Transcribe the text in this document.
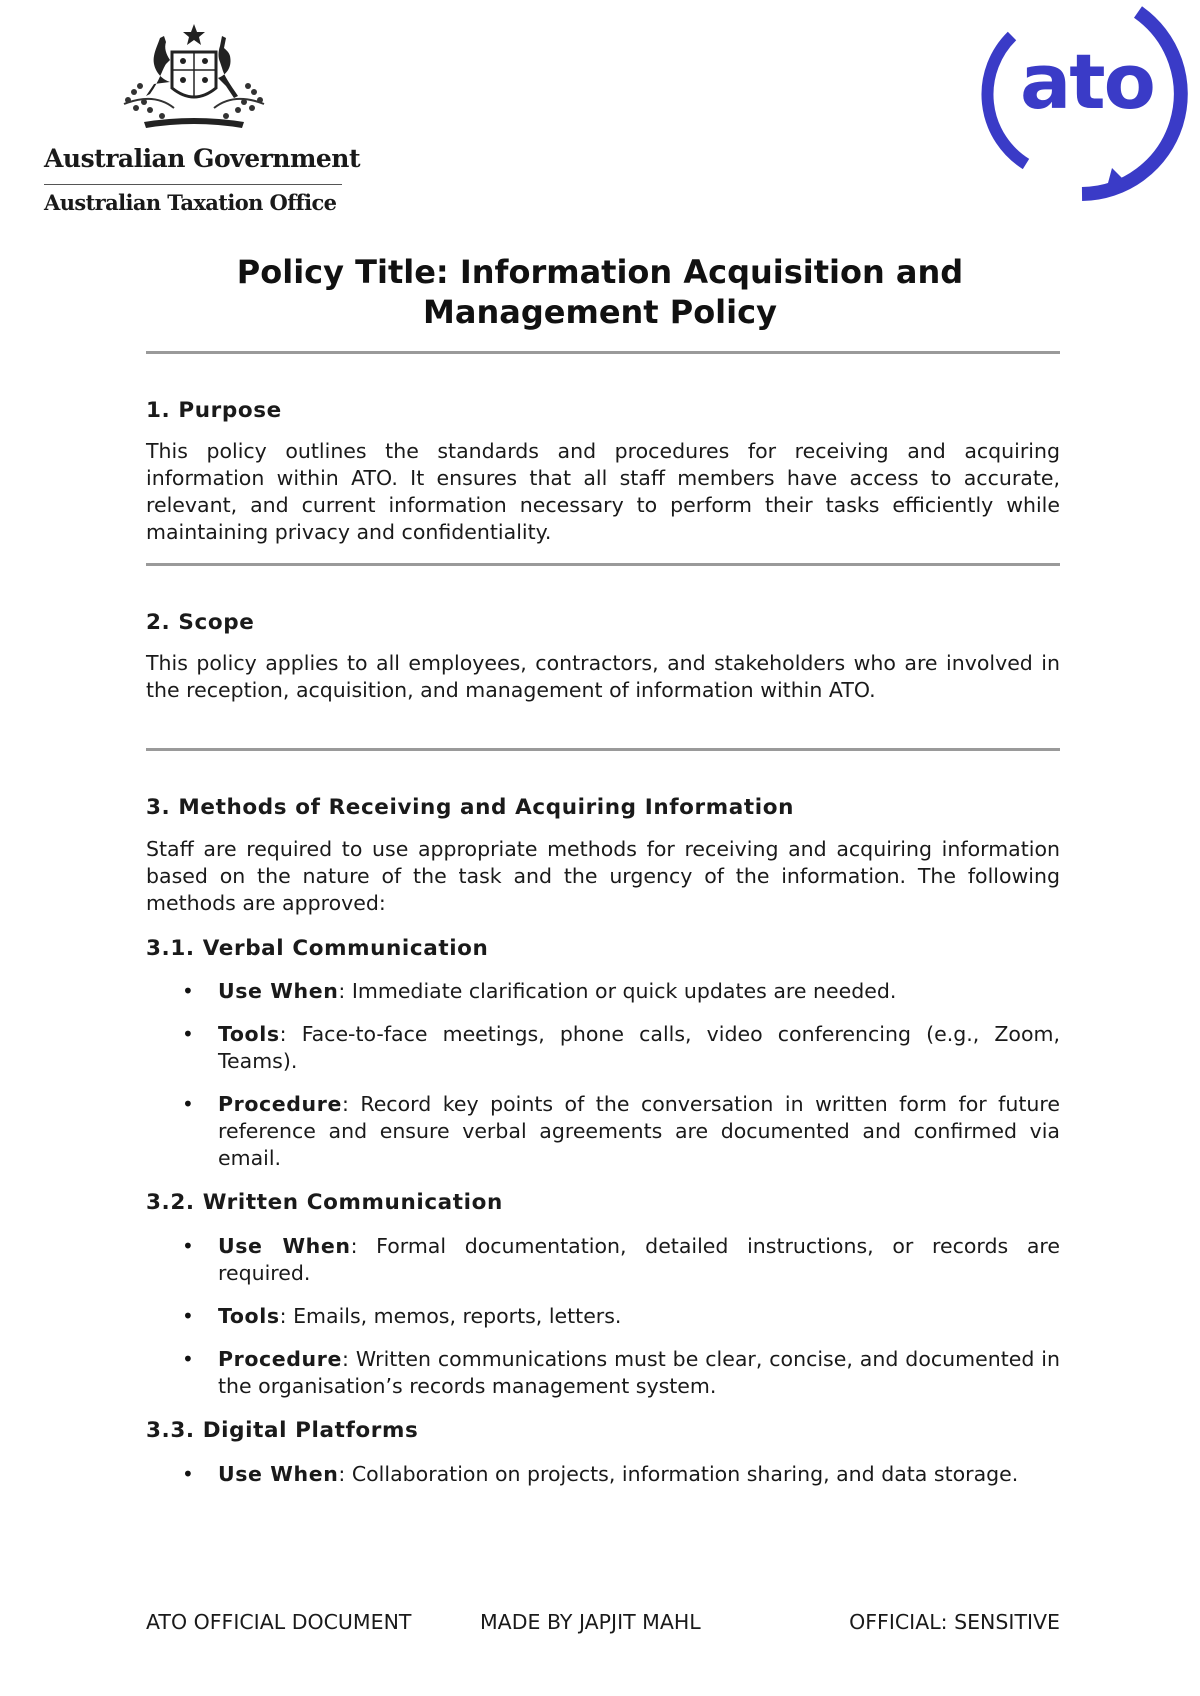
Australian Government
Australian Taxation Office
ato
Policy Title: Information Acquisition and Management Policy
1. Purpose
This policy outlines the standards and procedures for receiving and acquiring information within ATO. It ensures that all staff members have access to accurate, relevant, and current information necessary to perform their tasks efficiently while maintaining privacy and confidentiality.
2. Scope
This policy applies to all employees, contractors, and stakeholders who are involved in the reception, acquisition, and management of information within ATO.
3. Methods of Receiving and Acquiring Information
Staff are required to use appropriate methods for receiving and acquiring information based on the nature of the task and the urgency of the information. The following methods are approved:
3.1. Verbal Communication
• Use When: Immediate clarification or quick updates are needed.
• Tools: Face-to-face meetings, phone calls, video conferencing (e.g., Zoom, Teams).
• Procedure: Record key points of the conversation in written form for future reference and ensure verbal agreements are documented and confirmed via email.
3.2. Written Communication
• Use When: Formal documentation, detailed instructions, or records are required.
• Tools: Emails, memos, reports, letters.
• Procedure: Written communications must be clear, concise, and documented in the organisation’s records management system.
3.3. Digital Platforms
• Use When: Collaboration on projects, information sharing, and data storage.
ATO OFFICIAL DOCUMENT	MADE BY JAPJIT MAHL	OFFICIAL: SENSITIVE
